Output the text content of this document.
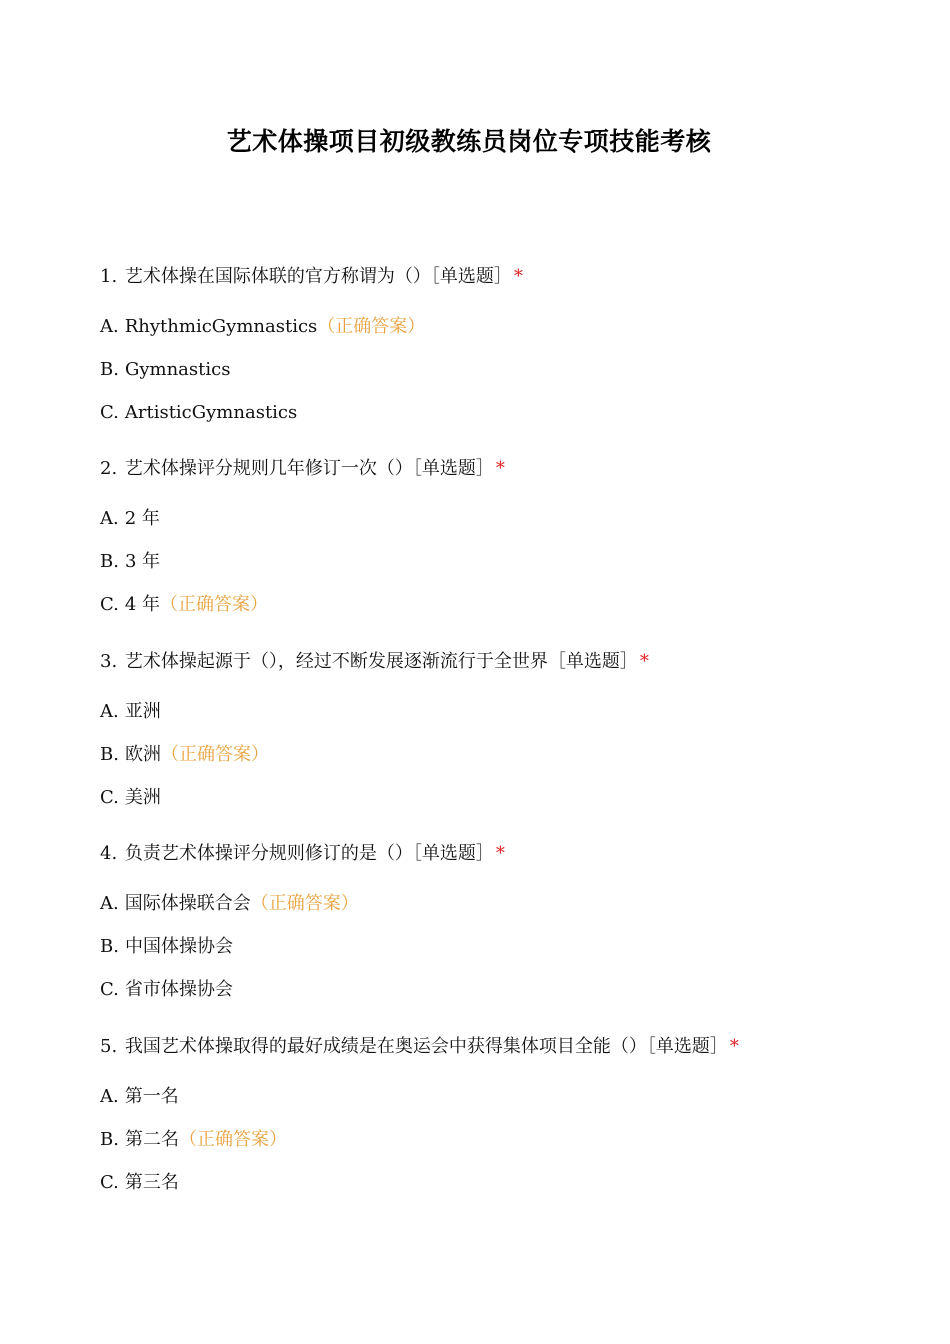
艺术体操项目初级教练员岗位专项技能考核
1. 艺术体操在国际体联的官方称谓为（）［单选题］ *
A. RhythmicGymnastics（正确答案）
B. Gymnastics
C. ArtisticGymnastics
2. 艺术体操评分规则几年修订一次（）［单选题］ *
A. 2 年
B. 3 年
C. 4 年（正确答案）
3. 艺术体操起源于（），经过不断发展逐渐流行于全世界［单选题］ *
A. 亚洲
B. 欧洲（正确答案）
C. 美洲
4. 负责艺术体操评分规则修订的是（）［单选题］ *
A. 国际体操联合会（正确答案）
B. 中国体操协会
C. 省市体操协会
5. 我国艺术体操取得的最好成绩是在奥运会中获得集体项目全能（）［单选题］ *
A. 第一名
B. 第二名（正确答案）
C. 第三名
